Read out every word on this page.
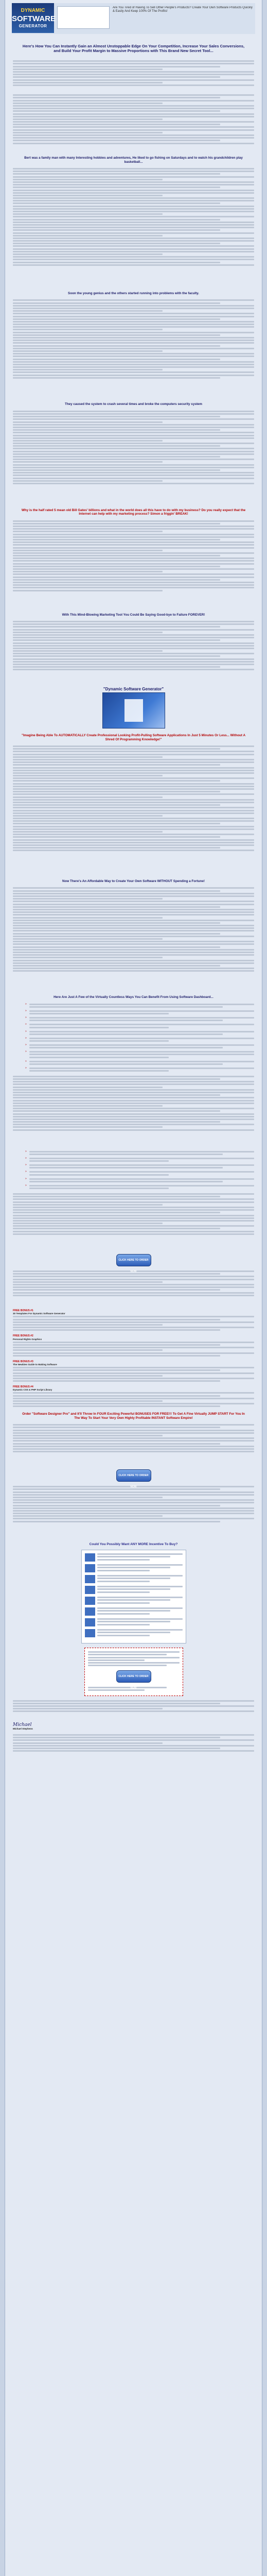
DYNAMIC
SOFTWARE
GENERATOR
Are You Tired of Having To Sell Other People's Products? Create Your Own Software Products Quickly & Easily And Keep 100% Of The Profits!
Here's How You Can Instantly Gain an Almost Unstoppable Edge On Your Competition, Increase Your Sales Conversions, and Build Your Profit Margin to Massive Proportions with This Brand New Secret Tool...
Bert was a family man with many Interesting hobbies and adventures, He liked to go fishing on Saturdays and to watch his grandchildren play basketball...
Soon the young genius and the others started running into problems with the faculty.
They caused the system to crash several times and broke the computers security system
Why is the half rated 5 mean old Bill Gates' billions and what in the world does all this have to do with my business? Do you really expect that the Internet can help with my marketing process? Simon a friggin' BREAK!
With This Mind-Blowing Marketing Tool You Could Be Saying Good-bye to Failure FOREVER!
"Dynamic Software Generator"
"Imagine Being Able To AUTOMATICALLY Create Professional Looking Profit-Pulling Software Applications In Just 5 Minutes Or Less... Without A Shred Of Programming Knowledge!"
Now There's An Affordable Way to Create Your Own Software WITHOUT Spending a Fortune!
Here Are Just A Few of the Virtually Countless Ways You Can Benefit From Using Software Dashboard...
»
»
»
»
»
»
»
»
»
»
»
»
»
»
»
»
CLICK HERE TO ORDER NOW
FREE BONUS #1
30 Templates For Dynamic Software Generator
FREE BONUS #2
Personal Rights Graphics
FREE BONUS #3
The Newbies Guide to Making Software
FREE BONUS #4
Dynamic CSS & PHP Script Library
Order "Software Designer Pro" and It'll Throw In FOUR Exciting Powerful BONUSES FOR FREE!!! To Get A Fine Virtually JUMP START For You In The Way To Start Your Very Own Highly Profitable INSTANT Software Empire!
CLICK HERE TO ORDER NOW
Could You Possibly Want ANY MORE Incentive To Buy?
CLICK HERE TO ORDER NOW
Michael
Michael Stephens
